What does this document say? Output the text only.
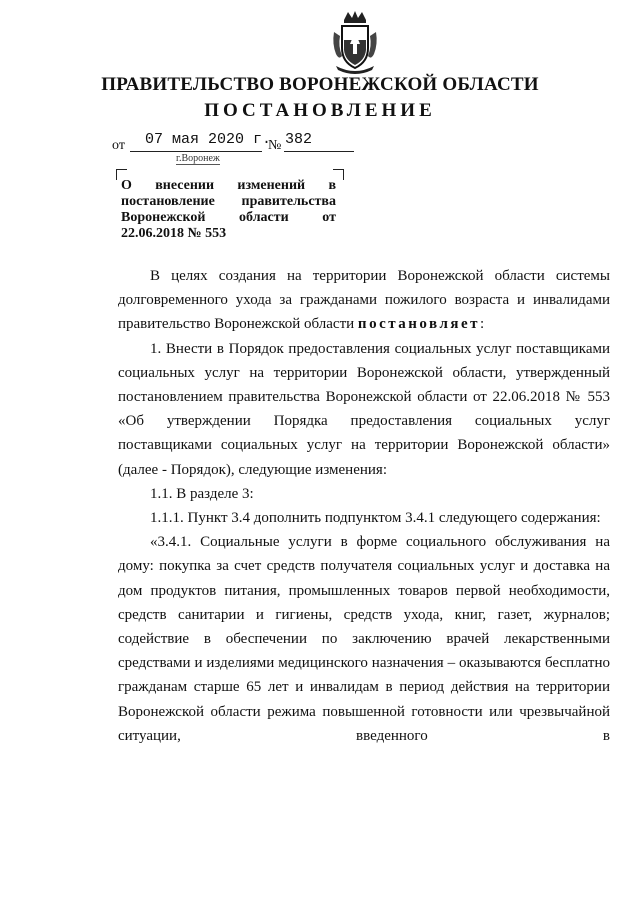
ПРАВИТЕЛЬСТВО ВОРОНЕЖСКОЙ ОБЛАСТИ
ПОСТАНОВЛЕНИЕ
от 07 мая 2020 г.
№ 382
г.Воронеж
О внесении изменений в постановление правительства Воронежской области от 22.06.2018 № 553

В целях создания на территории Воронежской области системы долговременного ухода за гражданами пожилого возраста и инвалидами правительство Воронежской области постановляет:

1. Внести в Порядок предоставления социальных услуг поставщиками социальных услуг на территории Воронежской области, утвержденный постановлением правительства Воронежской области от 22.06.2018 № 553 «Об утверждении Порядка предоставления социальных услуг поставщиками социальных услуг на территории Воронежской области» (далее - Порядок), следующие изменения:

1.1. В разделе 3:

1.1.1. Пункт 3.4 дополнить подпунктом 3.4.1 следующего содержания:

«3.4.1. Социальные услуги в форме социального обслуживания на дому: покупка за счет средств получателя социальных услуг и доставка на дом продуктов питания, промышленных товаров первой необходимости, средств санитарии и гигиены, средств ухода, книг, газет, журналов; содействие в обеспечении по заключению врачей лекарственными средствами и изделиями медицинского назначения – оказываются бесплатно гражданам старше 65 лет и инвалидам в период действия на территории Воронежской области режима повышенной готовности или чрезвычайной ситуации, введенного в
